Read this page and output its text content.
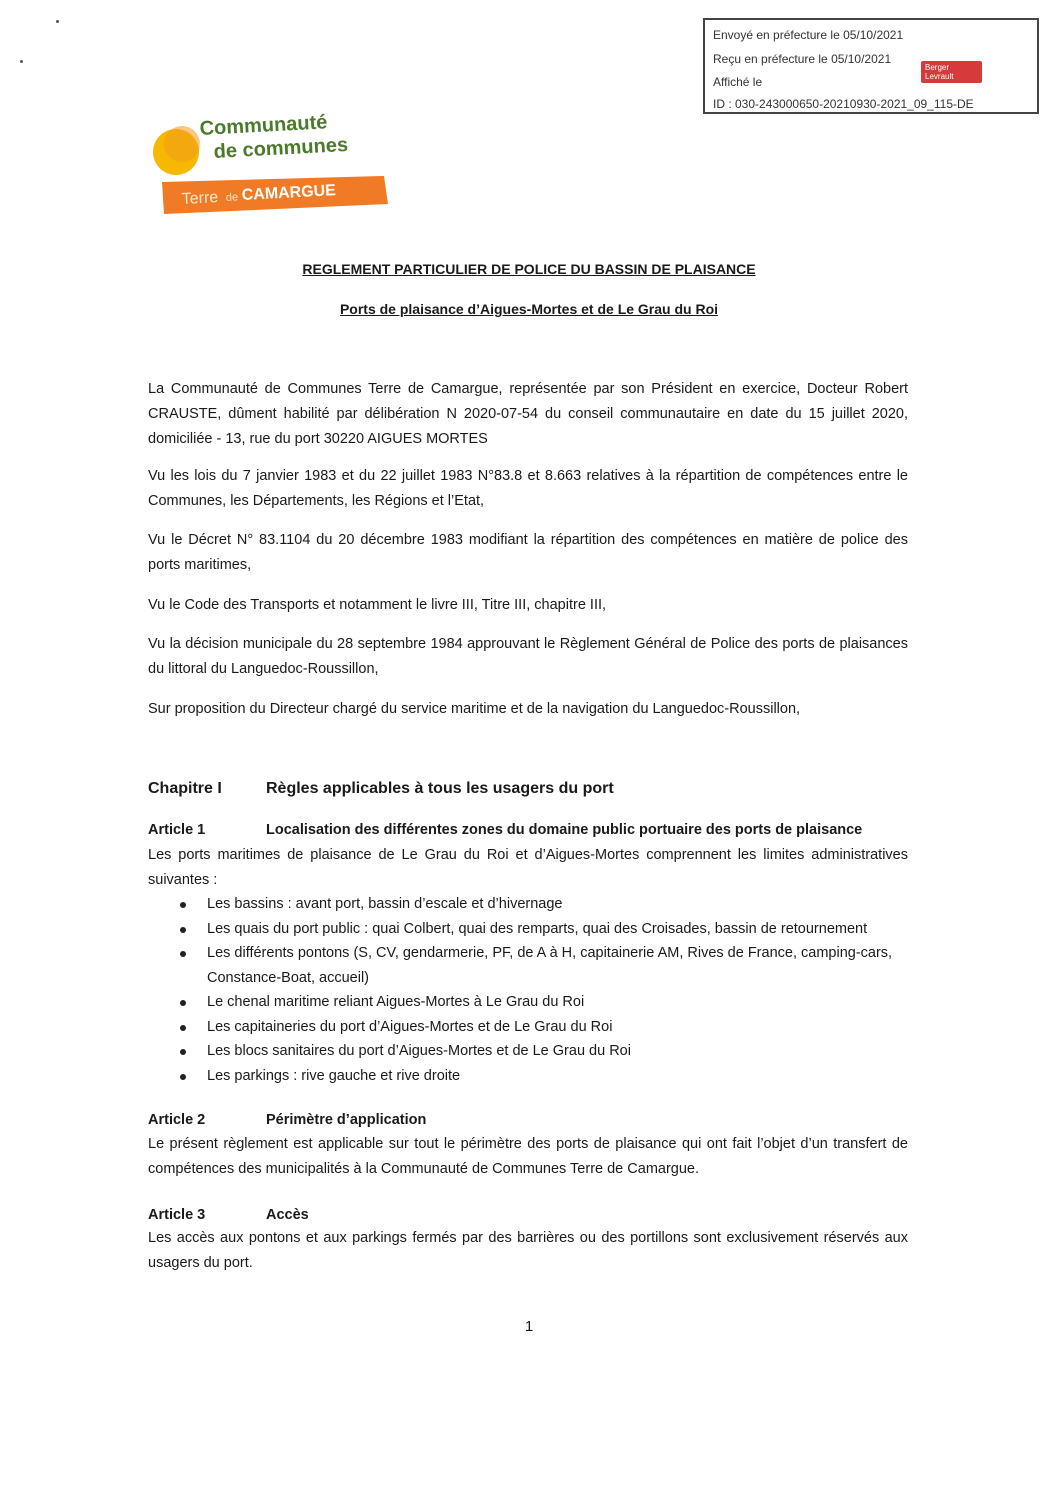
Envoyé en préfecture le 05/10/2021
Reçu en préfecture le 05/10/2021
Affiché le
ID : 030-243000650-20210930-2021_09_115-DE
Berger Levrault
Communauté
de communes
Terre de CAMARGUE
REGLEMENT PARTICULIER DE POLICE DU BASSIN DE PLAISANCE
Ports de plaisance d’Aigues-Mortes et de Le Grau du Roi
La Communauté de Communes Terre de Camargue, représentée par son Président en exercice, Docteur Robert CRAUSTE, dûment habilité par délibération N 2020-07-54 du conseil communautaire en date du 15 juillet 2020, domiciliée - 13, rue du port 30220 AIGUES MORTES
Vu les lois du 7 janvier 1983 et du 22 juillet 1983 N°83.8 et 8.663 relatives à la répartition de compétences entre le Communes, les Départements, les Régions et l’Etat,
Vu le Décret N° 83.1104 du 20 décembre 1983 modifiant la répartition des compétences en matière de police des ports maritimes,
Vu le Code des Transports et notamment le livre III, Titre III, chapitre III,
Vu la décision municipale du 28 septembre 1984 approuvant le Règlement Général de Police des ports de plaisances du littoral du Languedoc-Roussillon,
Sur proposition du Directeur chargé du service maritime et de la navigation du Languedoc-Roussillon,
Chapitre I	Règles applicables à tous les usagers du port
Article 1	Localisation des différentes zones du domaine public portuaire des ports de plaisance
Les ports maritimes de plaisance de Le Grau du Roi et d’Aigues-Mortes comprennent les limites administratives suivantes :
Les bassins : avant port, bassin d’escale et d’hivernage
Les quais du port public : quai Colbert, quai des remparts, quai des Croisades, bassin de retournement
Les différents pontons (S, CV, gendarmerie, PF, de A à H, capitainerie AM, Rives de France, camping-cars, Constance-Boat, accueil)
Le chenal maritime reliant Aigues-Mortes à Le Grau du Roi
Les capitaineries du port d’Aigues-Mortes et de Le Grau du Roi
Les blocs sanitaires du port d’Aigues-Mortes et de Le Grau du Roi
Les parkings : rive gauche et rive droite
Article 2	Périmètre d’application
Le présent règlement est applicable sur tout le périmètre des ports de plaisance qui ont fait l’objet d’un transfert de compétences des municipalités à la Communauté de Communes Terre de Camargue.
Article 3	Accès
Les accès aux pontons et aux parkings fermés par des barrières ou des portillons sont exclusivement réservés aux usagers du port.
1
